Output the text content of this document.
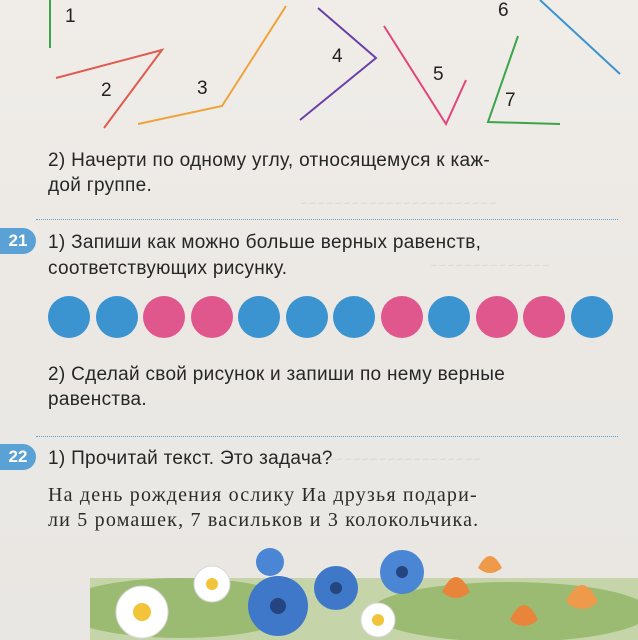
~~~~~~~~~~~~~~~~~~~~~~~
~~~~~~~~~~~~~~
~~~~~~~~~~~~~~~~~~~~
1
2	3
4
5
6
7
2) Начерти по одному углу, относящемуся к каж-
дой группе.
21	1) Запиши как можно больше верных равенств,
соответствующих рисунку.
2) Сделай свой рисунок и запиши по нему верные
равенства.
22	1) Прочитай текст. Это задача?
На день рождения ослику Иа друзья подари-
ли 5 ромашек, 7 васильков и 3 колокольчика.
